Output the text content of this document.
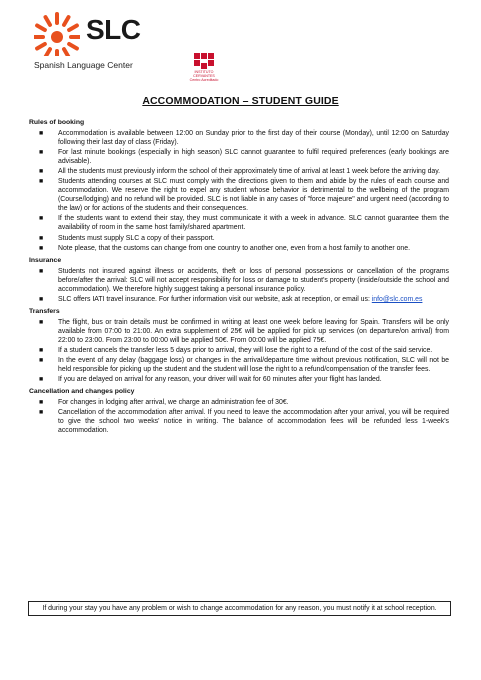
SLC
Spanish Language Center
INSTITUTO CERVANTES Centro Acreditado
ACCOMMODATION – STUDENT GUIDE
Rules of booking
■ Accommodation is available between 12:00 on Sunday prior to the first day of their course (Monday), until 12:00 on Saturday following their last day of class (Friday).
■ For last minute bookings (especially in high season) SLC cannot guarantee to fulfil required preferences (early bookings are advisable).
■ All the students must previously inform the school of their approximately time of arrival at least 1 week before the arriving day.
■ Students attending courses at SLC must comply with the directions given to them and abide by the rules of each course and accommodation. We reserve the right to expel any student whose behavior is detrimental to the wellbeing of the program (Course/lodging) and no refund will be provided. SLC is not liable in any cases of "force majeure" and urgent need (according to the law) or for actions of the students and their consequences.
■ If the students want to extend their stay, they must communicate it with a week in advance. SLC cannot guarantee them the availability of room in the same host family/shared apartment.
■ Students must supply SLC a copy of their passport.
■ Note please, that the customs can change from one country to another one, even from a host family to another one.
Insurance
■ Students not insured against illness or accidents, theft or loss of personal possessions or cancellation of the programs before/after the arrival: SLC will not accept responsibility for loss or damage to student's property (inside/outside the school and accommodation). We therefore highly suggest taking a personal insurance policy.
■ SLC offers IATI travel insurance. For further information visit our website, ask at reception, or email us: info@slc.com.es
Transfers
■ The flight, bus or train details must be confirmed in writing at least one week before leaving for Spain. Transfers will be only available from 07:00 to 21:00. An extra supplement of 25€ will be applied for pick up services (on departure/on arrival) from 22:00 to 23:00. From 23:00 to 00:00 will be applied 50€. From 00:00 will be applied 75€.
■ If a student cancels the transfer less 5 days prior to arrival, they will lose the right to a refund of the cost of the said service.
■ In the event of any delay (baggage loss) or changes in the arrival/departure time without previous notification, SLC will not be held responsible for picking up the student and the student will lose the right to a refund/compensation of the transfer fees.
■ If you are delayed on arrival for any reason, your driver will wait for 60 minutes after your flight has landed.
Cancellation and changes policy
■ For changes in lodging after arrival, we charge an administration fee of 30€.
■ Cancellation of the accommodation after arrival. If you need to leave the accommodation after your arrival, you will be required to give the school two weeks' notice in writing. The balance of accommodation fees will be refunded less 1-week's accommodation.
If during your stay you have any problem or wish to change accommodation for any reason, you must notify it at school reception.
